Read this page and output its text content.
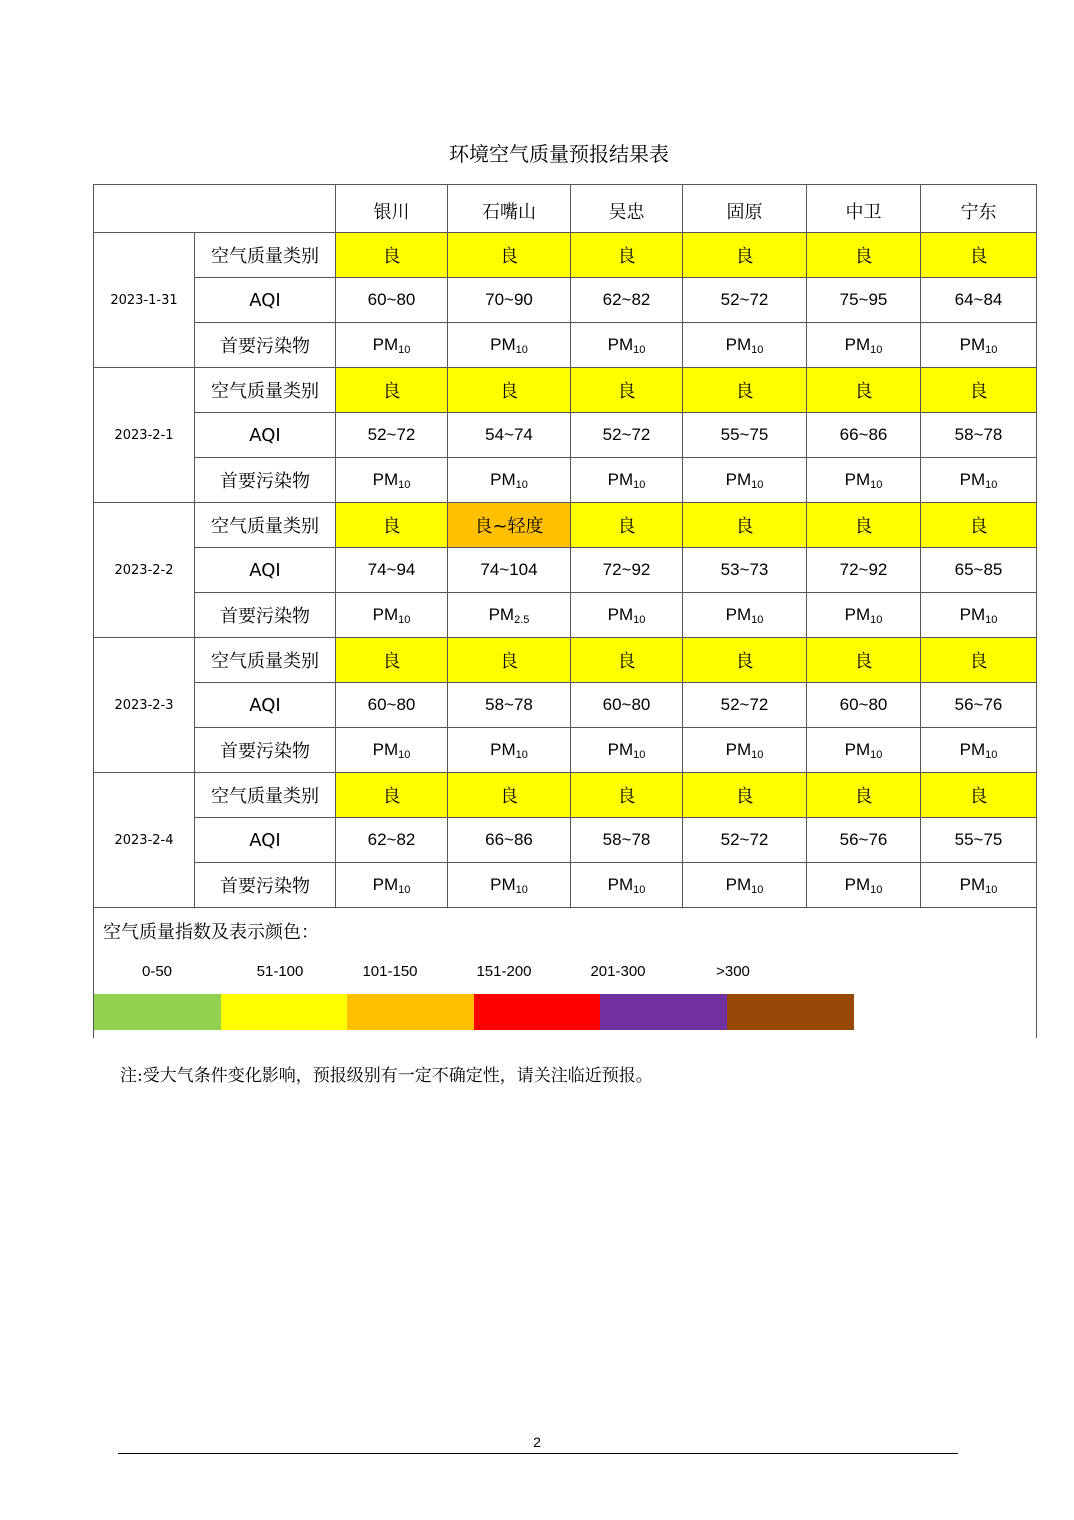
环境空气质量预报结果表
		银川	石嘴山	吴忠	固原	中卫	宁东
2023-1-31	空气质量类别	良	良	良	良	良	良
	AQI	60~80	70~90	62~82	52~72	75~95	64~84
	首要污染物	$PM_{10}$	$PM_{10}$	$PM_{10}$	$PM_{10}$	$PM_{10}$	$PM_{10}$
2023-2-1	空气质量类别	良	良	良	良	良	良
	AQI	52~72	54~74	52~72	55~75	66~86	58~78
	首要污染物	$PM_{10}$	$PM_{10}$	$PM_{10}$	$PM_{10}$	$PM_{10}$	$PM_{10}$
2023-2-2	空气质量类别	良	良~轻度	良	良	良	良
	AQI	74~94	74~104	72~92	53~73	72~92	65~85
	首要污染物	$PM_{10}$	$PM_{2.5}$	$PM_{10}$	$PM_{10}$	$PM_{10}$	$PM_{10}$
2023-2-3	空气质量类别	良	良	良	良	良	良
	AQI	60~80	58~78	60~80	52~72	60~80	56~76
	首要污染物	$PM_{10}$	$PM_{10}$	$PM_{10}$	$PM_{10}$	$PM_{10}$	$PM_{10}$
2023-2-4	空气质量类别	良	良	良	良	良	良
	AQI	62~82	66~86	58~78	52~72	56~76	55~75
	首要污染物	$PM_{10}$	$PM_{10}$	$PM_{10}$	$PM_{10}$	$PM_{10}$	$PM_{10}$
空气质量指数及表示颜色：
0-50	51-100	101-150	151-200	201-300	>300
注:受大气条件变化影响，预报级别有一定不确定性，请关注临近预报。
2
